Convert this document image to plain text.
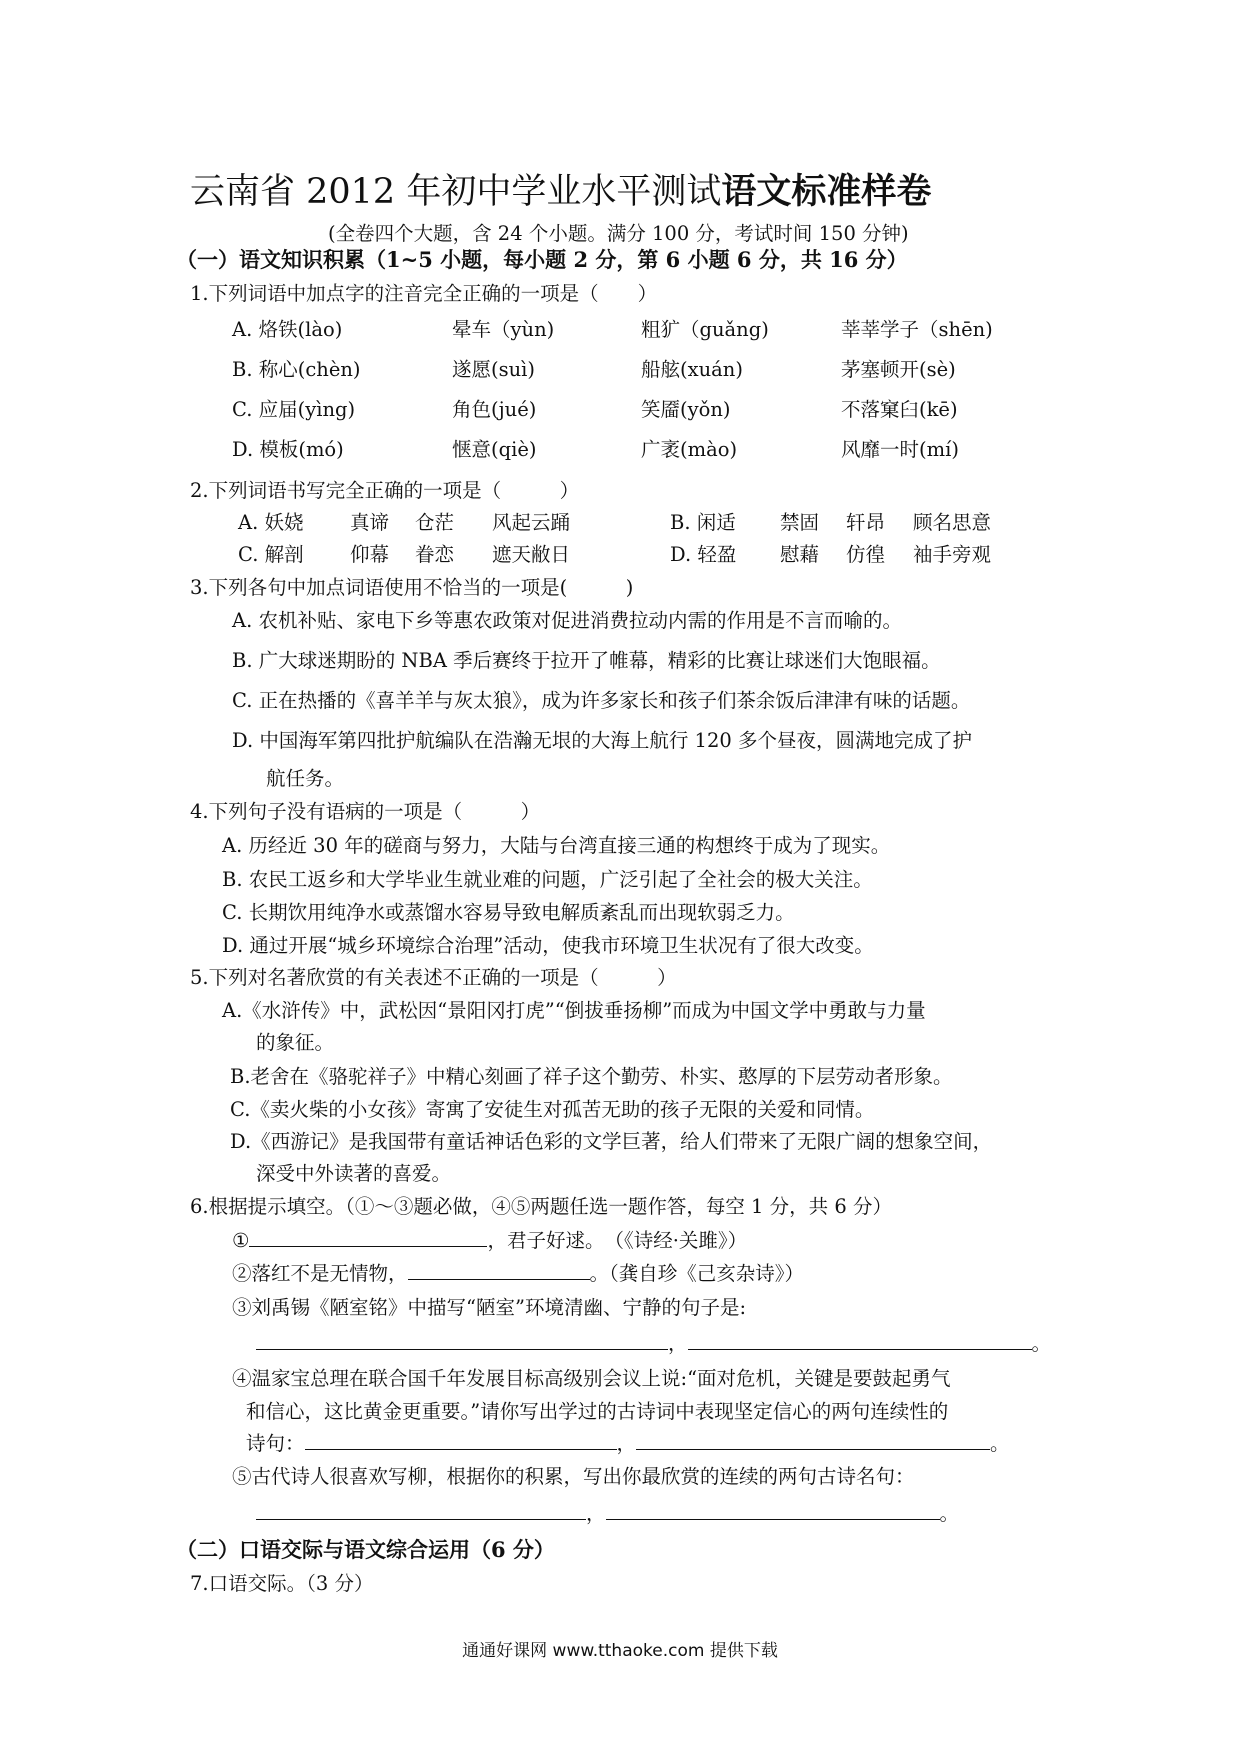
云南省 2012 年初中学业水平测试语文标准样卷
(全卷四个大题，含 24 个小题。满分 100 分，考试时间 150 分钟)
（一）语文知识积累（1~5 小题，每小题 2 分，第 6 小题 6 分，共 16 分）
1.下列词语中加点字的注音完全正确的一项是（　　）
A. 烙铁(lào)	晕车（yùn)	粗犷（guǎng)	莘莘学子（shēn)
B. 称心(chèn)	遂愿(suì)	船舷(xuán)	茅塞顿开(sè)
C. 应届(yìng)	角色(jué)	笑靥(yǒn)	不落窠臼(kē)
D. 模板(mó)	惬意(qiè)	广袤(mào)	风靡一时(mí)
2.下列词语书写完全正确的一项是（　　　）
A. 妖娆 真谛 仓茫 风起云踊	B. 闲适 禁固 轩昂 顾名思意
C. 解剖 仰幕 眷恋 遮天敝日	D. 轻盈 慰藉 仿徨 袖手旁观
3.下列各句中加点词语使用不恰当的一项是(　　　)
A. 农机补贴、家电下乡等惠农政策对促进消费拉动内需的作用是不言而喻的。
B. 广大球迷期盼的 NBA 季后赛终于拉开了帷幕，精彩的比赛让球迷们大饱眼福。
C. 正在热播的《喜羊羊与灰太狼》，成为许多家长和孩子们茶余饭后津津有味的话题。
D. 中国海军第四批护航编队在浩瀚无垠的大海上航行 120 多个昼夜，圆满地完成了护
航任务。
4.下列句子没有语病的一项是（　　　）
A. 历经近 30 年的磋商与努力，大陆与台湾直接三通的构想终于成为了现实。
B. 农民工返乡和大学毕业生就业难的问题，广泛引起了全社会的极大关注。
C. 长期饮用纯净水或蒸馏水容易导致电解质紊乱而出现软弱乏力。
D. 通过开展“城乡环境综合治理”活动，使我市环境卫生状况有了很大改变。
5.下列对名著欣赏的有关表述不正确的一项是（　　　）
A.《水浒传》中，武松因“景阳冈打虎”“倒拔垂扬柳”而成为中国文学中勇敢与力量
的象征。
B.老舍在《骆驼祥子》中精心刻画了祥子这个勤劳、朴实、憨厚的下层劳动者形象。
C.《卖火柴的小女孩》寄寓了安徒生对孤苦无助的孩子无限的关爱和同情。
D.《西游记》是我国带有童话神话色彩的文学巨著，给人们带来了无限广阔的想象空间，
深受中外读著的喜爱。
6.根据提示填空。（①～③题必做，④⑤两题任选一题作答，每空 1 分，共 6 分）
①	，君子好逑。　（《诗经·关雎》）
②落红不是无情物，	。（龚自珍《己亥杂诗》）
③刘禹锡《陋室铭》中描写“陋室”环境清幽、宁静的句子是:
，	。
④温家宝总理在联合国千年发展目标高级别会议上说:“面对危机，关键是要鼓起勇气
和信心，这比黄金更重要。”请你写出学过的古诗词中表现坚定信心的两句连续性的
诗句：	，	。
⑤古代诗人很喜欢写柳，根据你的积累，写出你最欣赏的连续的两句古诗名句：
，	。
（二）口语交际与语文综合运用（6 分）
7.口语交际。（3 分）
通通好课网 www.tthaoke.com 提供下载
